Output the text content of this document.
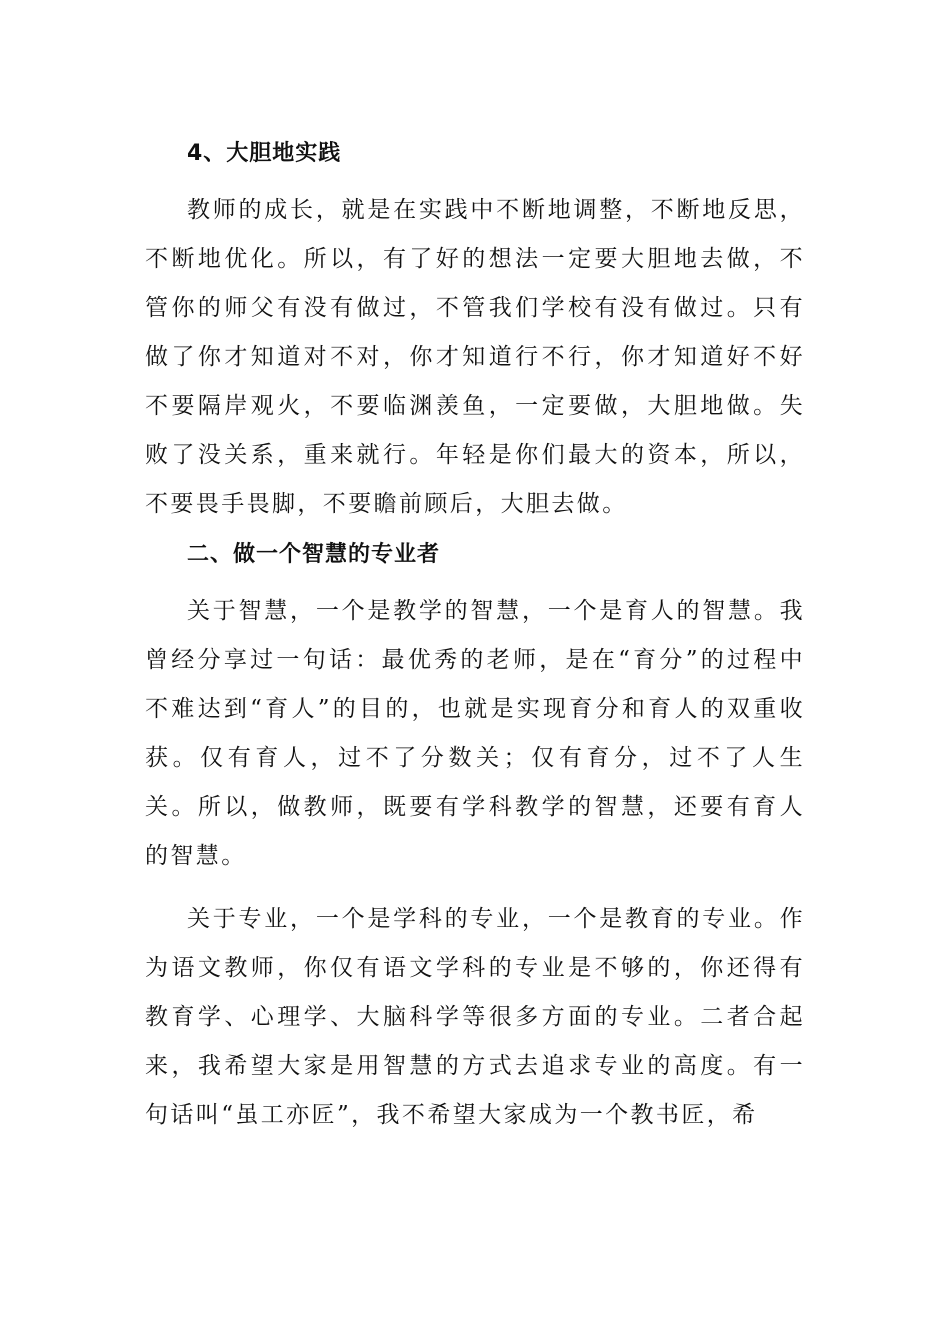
4、大胆地实践

教师的成长，就是在实践中不断地调整，不断地反思，不断地优化。所以，有了好的想法一定要大胆地去做，不管你的师父有没有做过，不管我们学校有没有做过。只有做了你才知道对不对，你才知道行不行，你才知道好不好不要隔岸观火，不要临渊羡鱼，一定要做，大胆地做。失败了没关系，重来就行。年轻是你们最大的资本，所以，不要畏手畏脚，不要瞻前顾后，大胆去做。

二、做一个智慧的专业者

关于智慧，一个是教学的智慧，一个是育人的智慧。我曾经分享过一句话：最优秀的老师，是在“育分”的过程中不难达到“育人”的目的，也就是实现育分和育人的双重收获。仅有育人，过不了分数关；仅有育分，过不了人生关。所以，做教师，既要有学科教学的智慧，还要有育人的智慧。

关于专业，一个是学科的专业，一个是教育的专业。作为语文教师，你仅有语文学科的专业是不够的，你还得有教育学、心理学、大脑科学等很多方面的专业。二者合起来，我希望大家是用智慧的方式去追求专业的高度。有一句话叫“虽工亦匠”，我不希望大家成为一个教书匠，希
